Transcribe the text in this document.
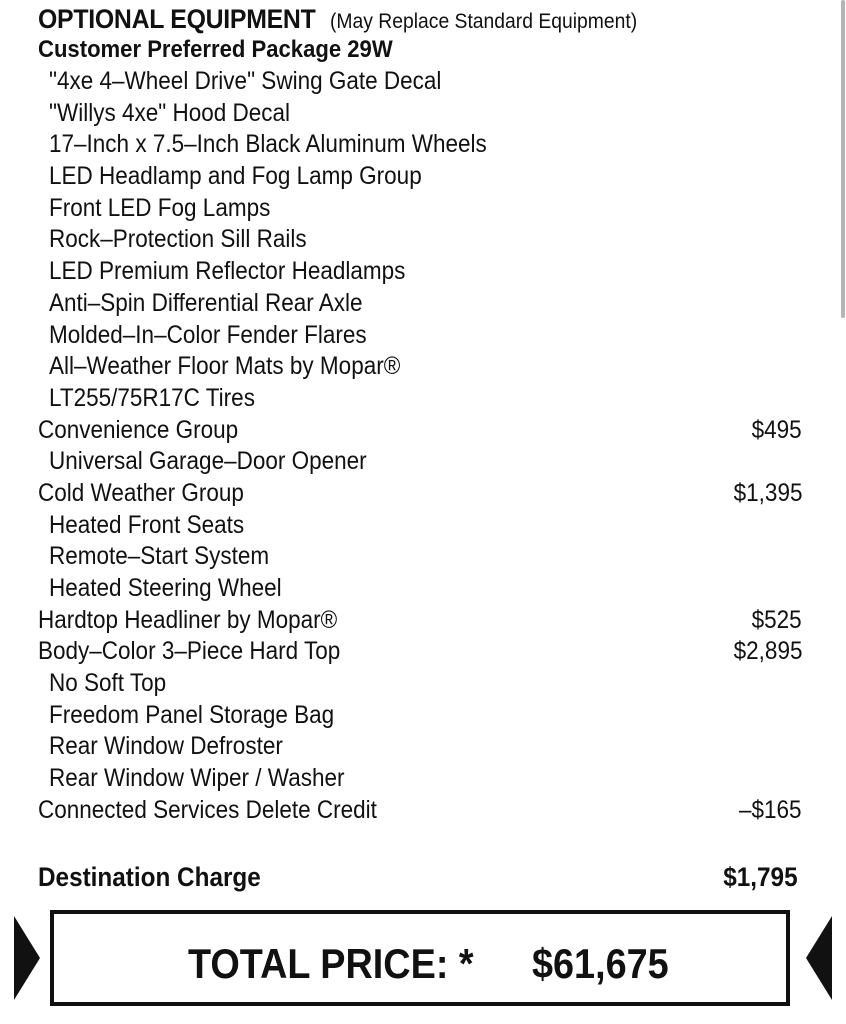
OPTIONAL EQUIPMENT (May Replace Standard Equipment)
Customer Preferred Package 29W
"4xe 4–Wheel Drive" Swing Gate Decal
"Willys 4xe" Hood Decal
17–Inch x 7.5–Inch Black Aluminum Wheels
LED Headlamp and Fog Lamp Group
Front LED Fog Lamps
Rock–Protection Sill Rails
LED Premium Reflector Headlamps
Anti–Spin Differential Rear Axle
Molded–In–Color Fender Flares
All–Weather Floor Mats by Mopar®
LT255/75R17C Tires
Convenience Group	$495
Universal Garage–Door Opener
Cold Weather Group	$1,395
Heated Front Seats
Remote–Start System
Heated Steering Wheel
Hardtop Headliner by Mopar®	$525
Body–Color 3–Piece Hard Top	$2,895
No Soft Top
Freedom Panel Storage Bag
Rear Window Defroster
Rear Window Wiper / Washer
Connected Services Delete Credit	–$165
Destination Charge	$1,795
TOTAL PRICE: * $61,675
